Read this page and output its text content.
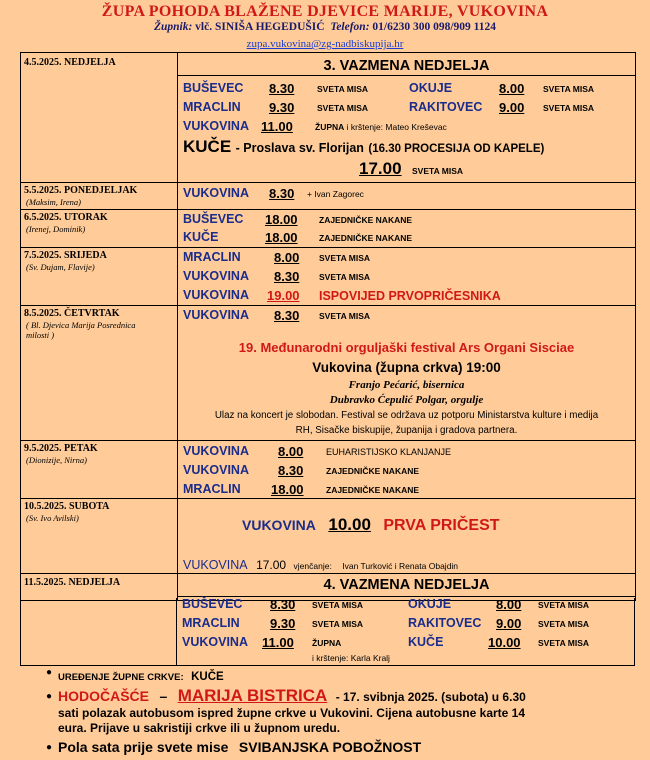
ŽUPA POHODA BLAŽENE DJEVICE MARIJE, VUKOVINA
Župnik: vlč. SINIŠA HEGEDUŠIĆ Telefon: 01/6230 300 098/909 1124
zupa.vukovina@zg-nadbiskupija.hr
4.5.2025. NEDJELJA	3. VAZMENA NEDJELJA
BUŠEVEC 8.30	SVETA MISA	OKUJE	8.00 SVETA MISA
MRACLIN 9.30	SVETA MISA	RAKITOVEC 9.00 SVETA MISA
VUKOVINA 11.00	ŽUPNA i krštenje: Mateo Kreševac
KUČE - Proslava sv. Florijan (16.30 PROCESIJA OD KAPELE)
17.00 SVETA MISA
5.5.2025. PONEDJELJAK
(Maksim, Irena)
VUKOVINA 8.30 + Ivan Zagorec
6.5.2025. UTORAK
(Irenej, Dominik)
BUŠEVEC 18.00	ZAJEDNIČKE NAKANE
KUČE	18.00	ZAJEDNIČKE NAKANE
7.5.2025. SRIJEDA
(Sv. Dujam, Flavije)
MRACLIN	8.00 SVETA MISA
VUKOVINA 8.30 SVETA MISA
VUKOVINA 19.00 ISPOVIJED PRVOPRIČESNIKA
8.5.2025. ČETVRTAK
( Bl. Djevica Marija Posrednica
milosti )
VUKOVINA 8.30 SVETA MISA
19. Međunarodni orguljaški festival Ars Organi Sisciae
Vukovina (župna crkva) 19:00
Franjo Pećarić, bisernica
Dubravko Ćepulić Polgar, orgulje
Ulaz na koncert je slobodan. Festival se održava uz potporu Ministarstva kulture i medija
RH, Sisačke biskupije, županija i gradova partnera.
9.5.2025. PETAK
(Dionizije, Nirna)
VUKOVINA 8.00	EUHARISTIJSKO KLANJANJE
VUKOVINA 8.30	ZAJEDNIČKE NAKANE
MRACLIN 18.00	ZAJEDNIČKE NAKANE
10.5.2025. SUBOTA
(Sv. Ivo Avilski)	VUKOVINA 10.00 PRVA PRIČEST
VUKOVINA 17.00 vjenčanje: Ivan Turković i Renata Obajdin
11.5.2025. NEDJELJA	4. VAZMENA NEDJELJA
BUŠEVEC 8.30 SVETA MISA	OKUJE	8.00 SVETA MISA
MRACLIN 9.30 SVETA MISA	RAKITOVEC 9.00 SVETA MISA
VUKOVINA 11.00 ŽUPNA	KUČE	10.00 SVETA MISA
i krštenje: Karla Kralj
● UREĐENJE ŽUPNE CRKVE: KUČE
● HODOČAŠĆE – MARIJA BISTRICA - 17. svibnja 2025. (subota) u 6.30
sati polazak autobusom ispred župne crkve u Vukovini. Cijena autobusne karte 14
eura. Prijave u sakristiji crkve ili u župnom uredu.
● Pola sata prije svete mise SVIBANJSKA POBOŽNOST
